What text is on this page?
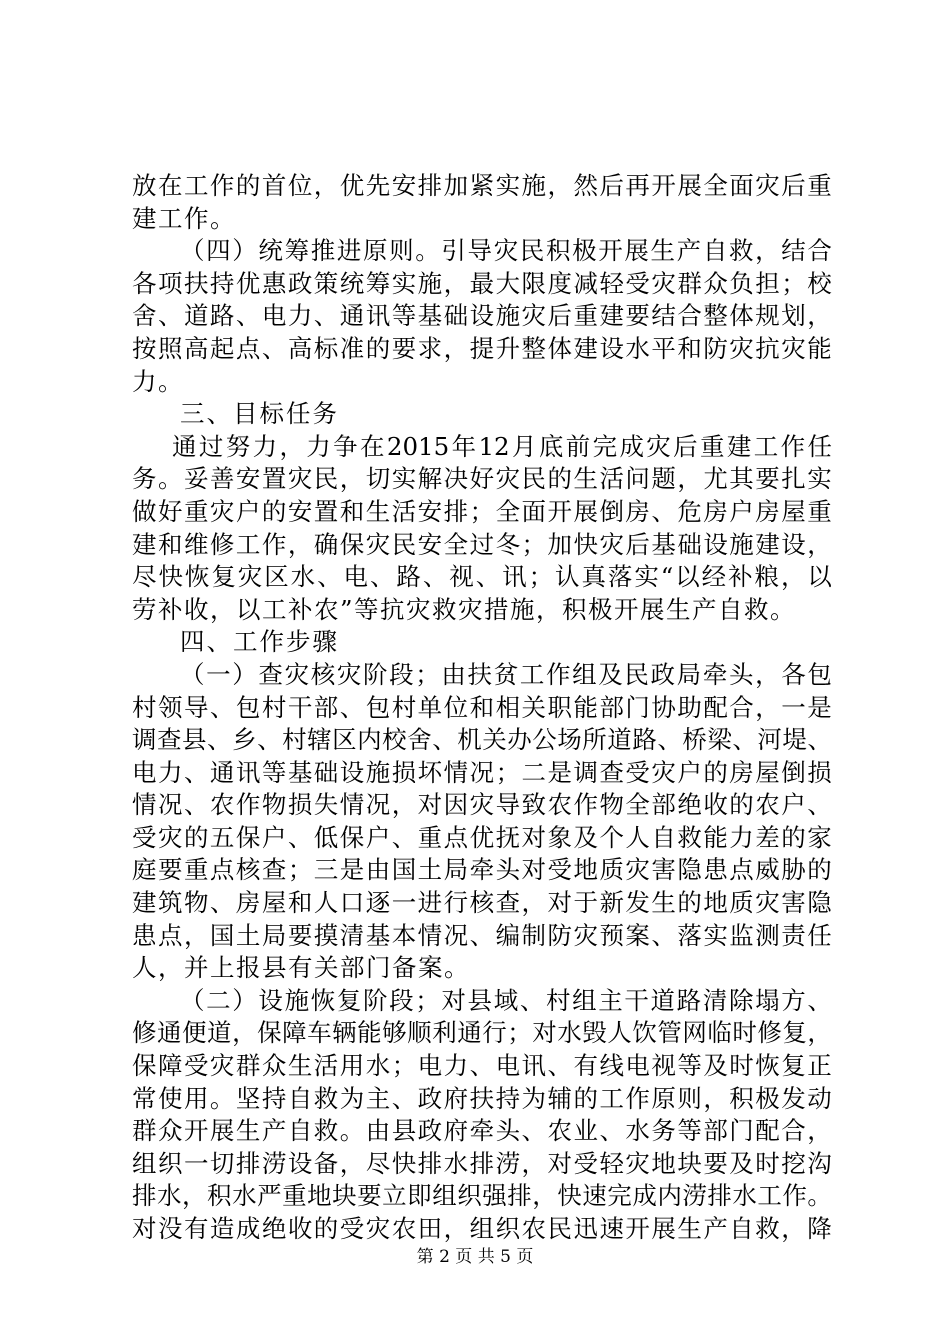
放 在 工 作 的 首 位 ， 优 先 安 排 加 紧 实 施 ， 然 后 再 开 展 全 面 灾 后 重
建工作。
（ 四 ） 统 筹 推 进 原 则 。 引 导 灾 民 积 极 开 展 生 产 自 救 ， 结 合
各 项 扶 持 优 惠 政 策 统 筹 实 施 ， 最 大 限 度 减 轻 受 灾 群 众 负 担 ； 校
舍 、 道 路 、 电 力 、 通 讯 等 基 础 设 施 灾 后 重 建 要 结 合 整 体 规 划 ，
按 照 高 起 点 、 高 标 准 的 要 求 ， 提 升 整 体 建 设 水 平 和 防 灾 抗 灾 能
力。
三、目标任务
通 过 努 力 ， 力 争 在 2015 年 12 月 底 前 完 成 灾 后 重 建 工 作 任
务 。 妥 善 安 置 灾 民 ， 切 实 解 决 好 灾 民 的 生 活 问 题 ， 尤 其 要 扎 实
做 好 重 灾 户 的 安 置 和 生 活 安 排 ； 全 面 开 展 倒 房 、 危 房 户 房 屋 重
建 和 维 修 工 作 ， 确 保 灾 民 安 全 过 冬 ； 加 快 灾 后 基 础 设 施 建 设 ，
尽 快 恢 复 灾 区 水 、 电 、 路 、 视 、 讯 ； 认 真 落 实 “ 以 经 补 粮 ， 以
劳补收，以工补农”等抗灾救灾措施，积极开展生产自救。
四、工作步骤
（ 一 ） 查 灾 核 灾 阶 段 ； 由 扶 贫 工 作 组 及 民 政 局 牵 头 ， 各 包
村 领 导 、 包 村 干 部 、 包 村 单 位 和 相 关 职 能 部 门 协 助 配 合 ， 一 是
调 查 县 、 乡 、 村 辖 区 内 校 舍 、 机 关 办 公 场 所 道 路 、 桥 梁 、 河 堤 、
电 力 、 通 讯 等 基 础 设 施 损 坏 情 况 ； 二 是 调 查 受 灾 户 的 房 屋 倒 损
情 况 、 农 作 物 损 失 情 况 ， 对 因 灾 导 致 农 作 物 全 部 绝 收 的 农 户 、
受 灾 的 五 保 户 、 低 保 户 、 重 点 优 抚 对 象 及 个 人 自 救 能 力 差 的 家
庭 要 重 点 核 查 ； 三 是 由 国 土 局 牵 头 对 受 地 质 灾 害 隐 患 点 威 胁 的
建 筑 物 、 房 屋 和 人 口 逐 一 进 行 核 查 ， 对 于 新 发 生 的 地 质 灾 害 隐
患 点 ， 国 土 局 要 摸 清 基 本 情 况 、 编 制 防 灾 预 案 、 落 实 监 测 责 任
人，并上报县有关部门备案。
（ 二 ） 设 施 恢 复 阶 段 ； 对 县 域 、 村 组 主 干 道 路 清 除 塌 方 、
修 通 便 道 ， 保 障 车 辆 能 够 顺 利 通 行 ； 对 水 毁 人 饮 管 网 临 时 修 复 ，
保 障 受 灾 群 众 生 活 用 水 ； 电 力 、 电 讯 、 有 线 电 视 等 及 时 恢 复 正
常 使 用 。 坚 持 自 救 为 主 、 政 府 扶 持 为 辅 的 工 作 原 则 ， 积 极 发 动
群 众 开 展 生 产 自 救 。 由 县 政 府 牵 头 、 农 业 、 水 务 等 部 门 配 合 ，
组 织 一 切 排 涝 设 备 ， 尽 快 排 水 排 涝 ， 对 受 轻 灾 地 块 要 及 时 挖 沟
排 水 ， 积 水 严 重 地 块 要 立 即 组 织 强 排 ， 快 速 完 成 内 涝 排 水 工 作 。
对 没 有 造 成 绝 收 的 受 灾 农 田 ， 组 织 农 民 迅 速 开 展 生 产 自 救 ， 降
第 2 页 共 5 页
